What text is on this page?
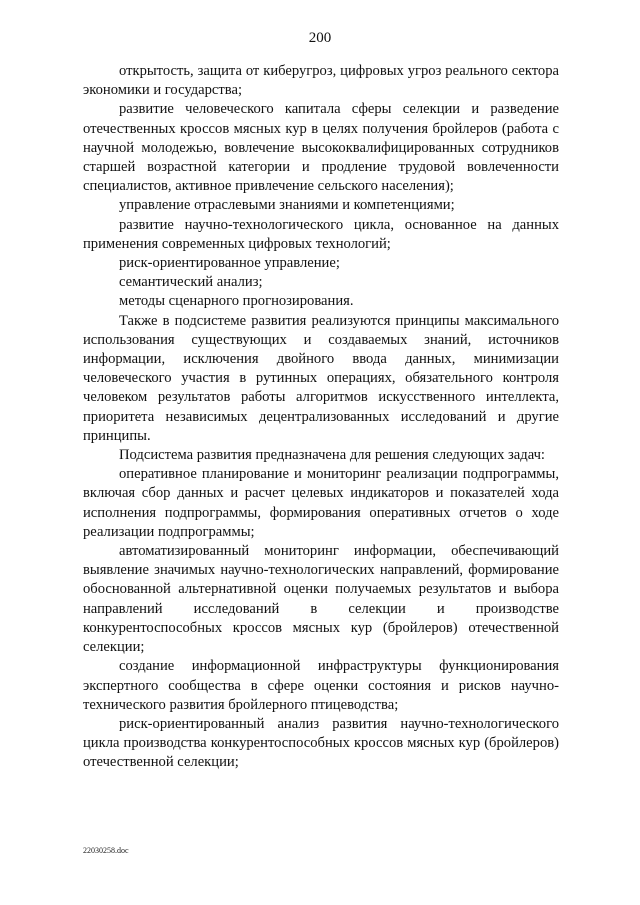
200

открытость, защита от киберугроз, цифровых угроз реального сектора экономики и государства;

развитие человеческого капитала сферы селекции и разведение отечественных кроссов мясных кур в целях получения бройлеров (работа с научной молодежью, вовлечение высококвалифицированных сотрудников старшей возрастной категории и продление трудовой вовлеченности специалистов, активное привлечение сельского населения);

управление отраслевыми знаниями и компетенциями;

развитие научно-технологического цикла, основанное на данных применения современных цифровых технологий;

риск-ориентированное управление;

семантический анализ;

методы сценарного прогнозирования.

Также в подсистеме развития реализуются принципы максимального использования существующих и создаваемых знаний, источников информации, исключения двойного ввода данных, минимизации человеческого участия в рутинных операциях, обязательного контроля человеком результатов работы алгоритмов искусственного интеллекта, приоритета независимых децентрализованных исследований и другие принципы.

Подсистема развития предназначена для решения следующих задач:

оперативное планирование и мониторинг реализации подпрограммы, включая сбор данных и расчет целевых индикаторов и показателей хода исполнения подпрограммы, формирования оперативных отчетов о ходе реализации подпрограммы;

автоматизированный мониторинг информации, обеспечивающий выявление значимых научно-технологических направлений, формирование обоснованной альтернативной оценки получаемых результатов и выбора направлений исследований в селекции и производстве конкурентоспособных кроссов мясных кур (бройлеров) отечественной селекции;

создание информационной инфраструктуры функционирования экспертного сообщества в сфере оценки состояния и рисков научно-технического развития бройлерного птицеводства;

риск-ориентированный анализ развития научно-технологического цикла производства конкурентоспособных кроссов мясных кур (бройлеров) отечественной селекции;

22030258.doc
